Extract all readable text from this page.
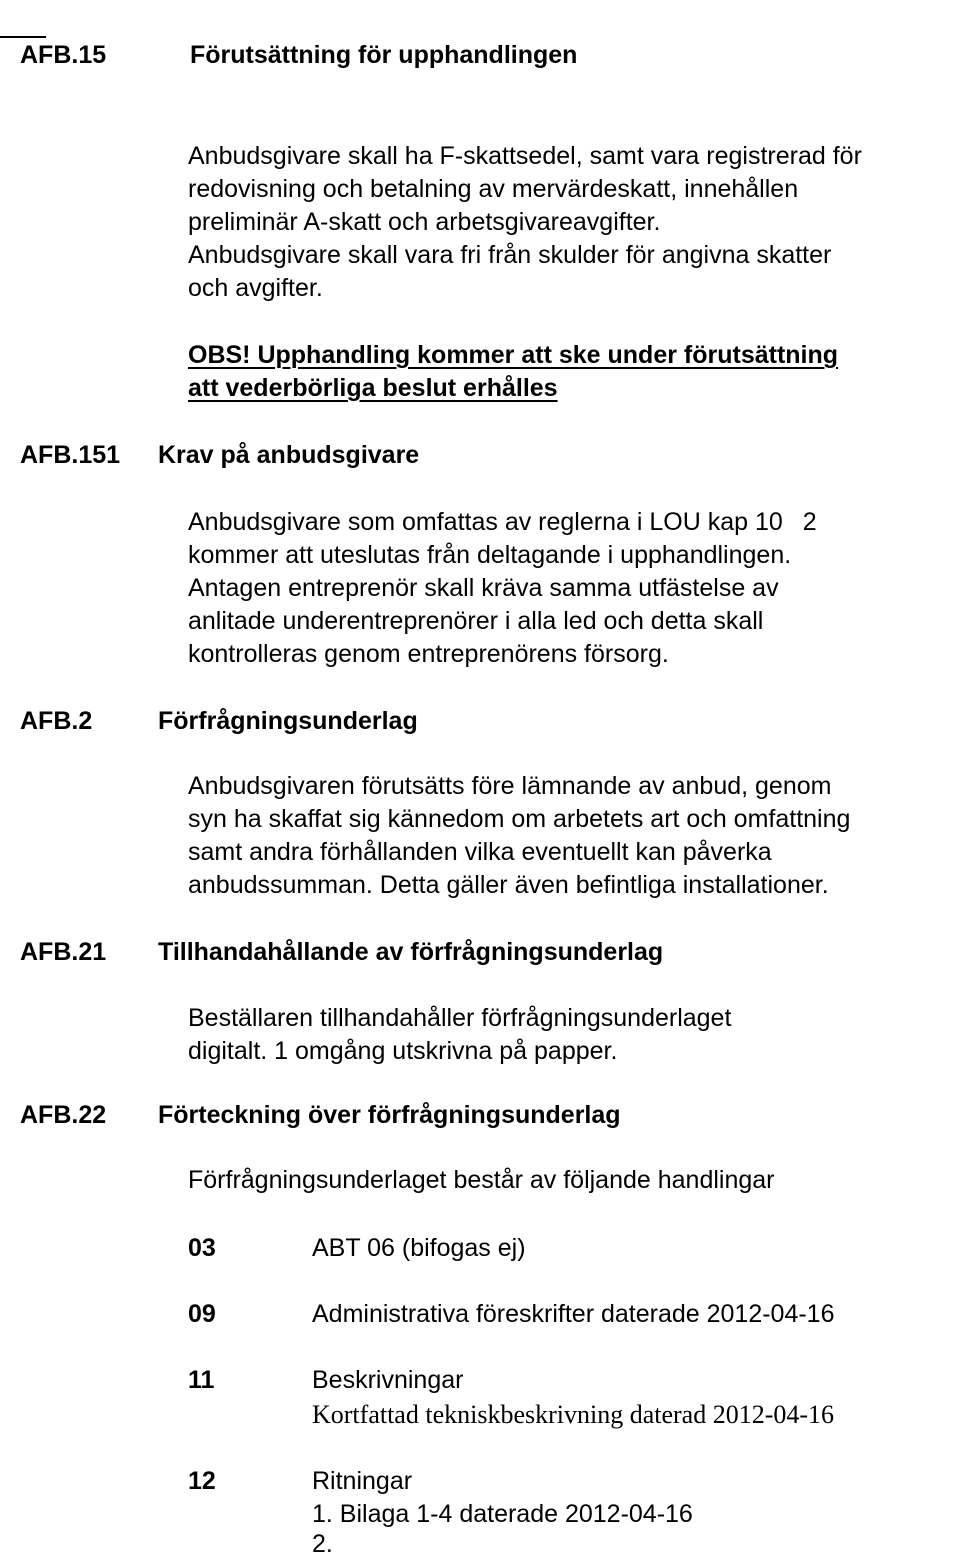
AFB.15	Förutsättning för upphandlingen
Anbudsgivare skall ha F-skattsedel, samt vara registrerad för
redovisning och betalning av mervärdeskatt, innehållen
preliminär A-skatt och arbetsgivareavgifter.
Anbudsgivare skall vara fri från skulder för angivna skatter
och avgifter.
OBS! Upphandling kommer att ske under förutsättning
att vederbörliga beslut erhålles
AFB.151 Krav på anbudsgivare
Anbudsgivare som omfattas av reglerna i LOU kap 10 2
kommer att uteslutas från deltagande i upphandlingen.
Antagen entreprenör skall kräva samma utfästelse av
anlitade underentreprenörer i alla led och detta skall
kontrolleras genom entreprenörens försorg.
AFB.2	Förfrågningsunderlag
Anbudsgivaren förutsätts före lämnande av anbud, genom
syn ha skaffat sig kännedom om arbetets art och omfattning
samt andra förhållanden vilka eventuellt kan påverka
anbudssumman. Detta gäller även befintliga installationer.
AFB.21 Tillhandahållande av förfrågningsunderlag
Beställaren tillhandahåller förfrågningsunderlaget
digitalt. 1 omgång utskrivna på papper.
AFB.22 Förteckning över förfrågningsunderlag
Förfrågningsunderlaget består av följande handlingar
03	ABT 06 (bifogas ej)
09	Administrativa föreskrifter daterade 2012-04-16
11	Beskrivningar
Kortfattad tekniskbeskrivning daterad 2012-04-16
12	Ritningar
1. Bilaga 1-4 daterade 2012-04-16
2.
